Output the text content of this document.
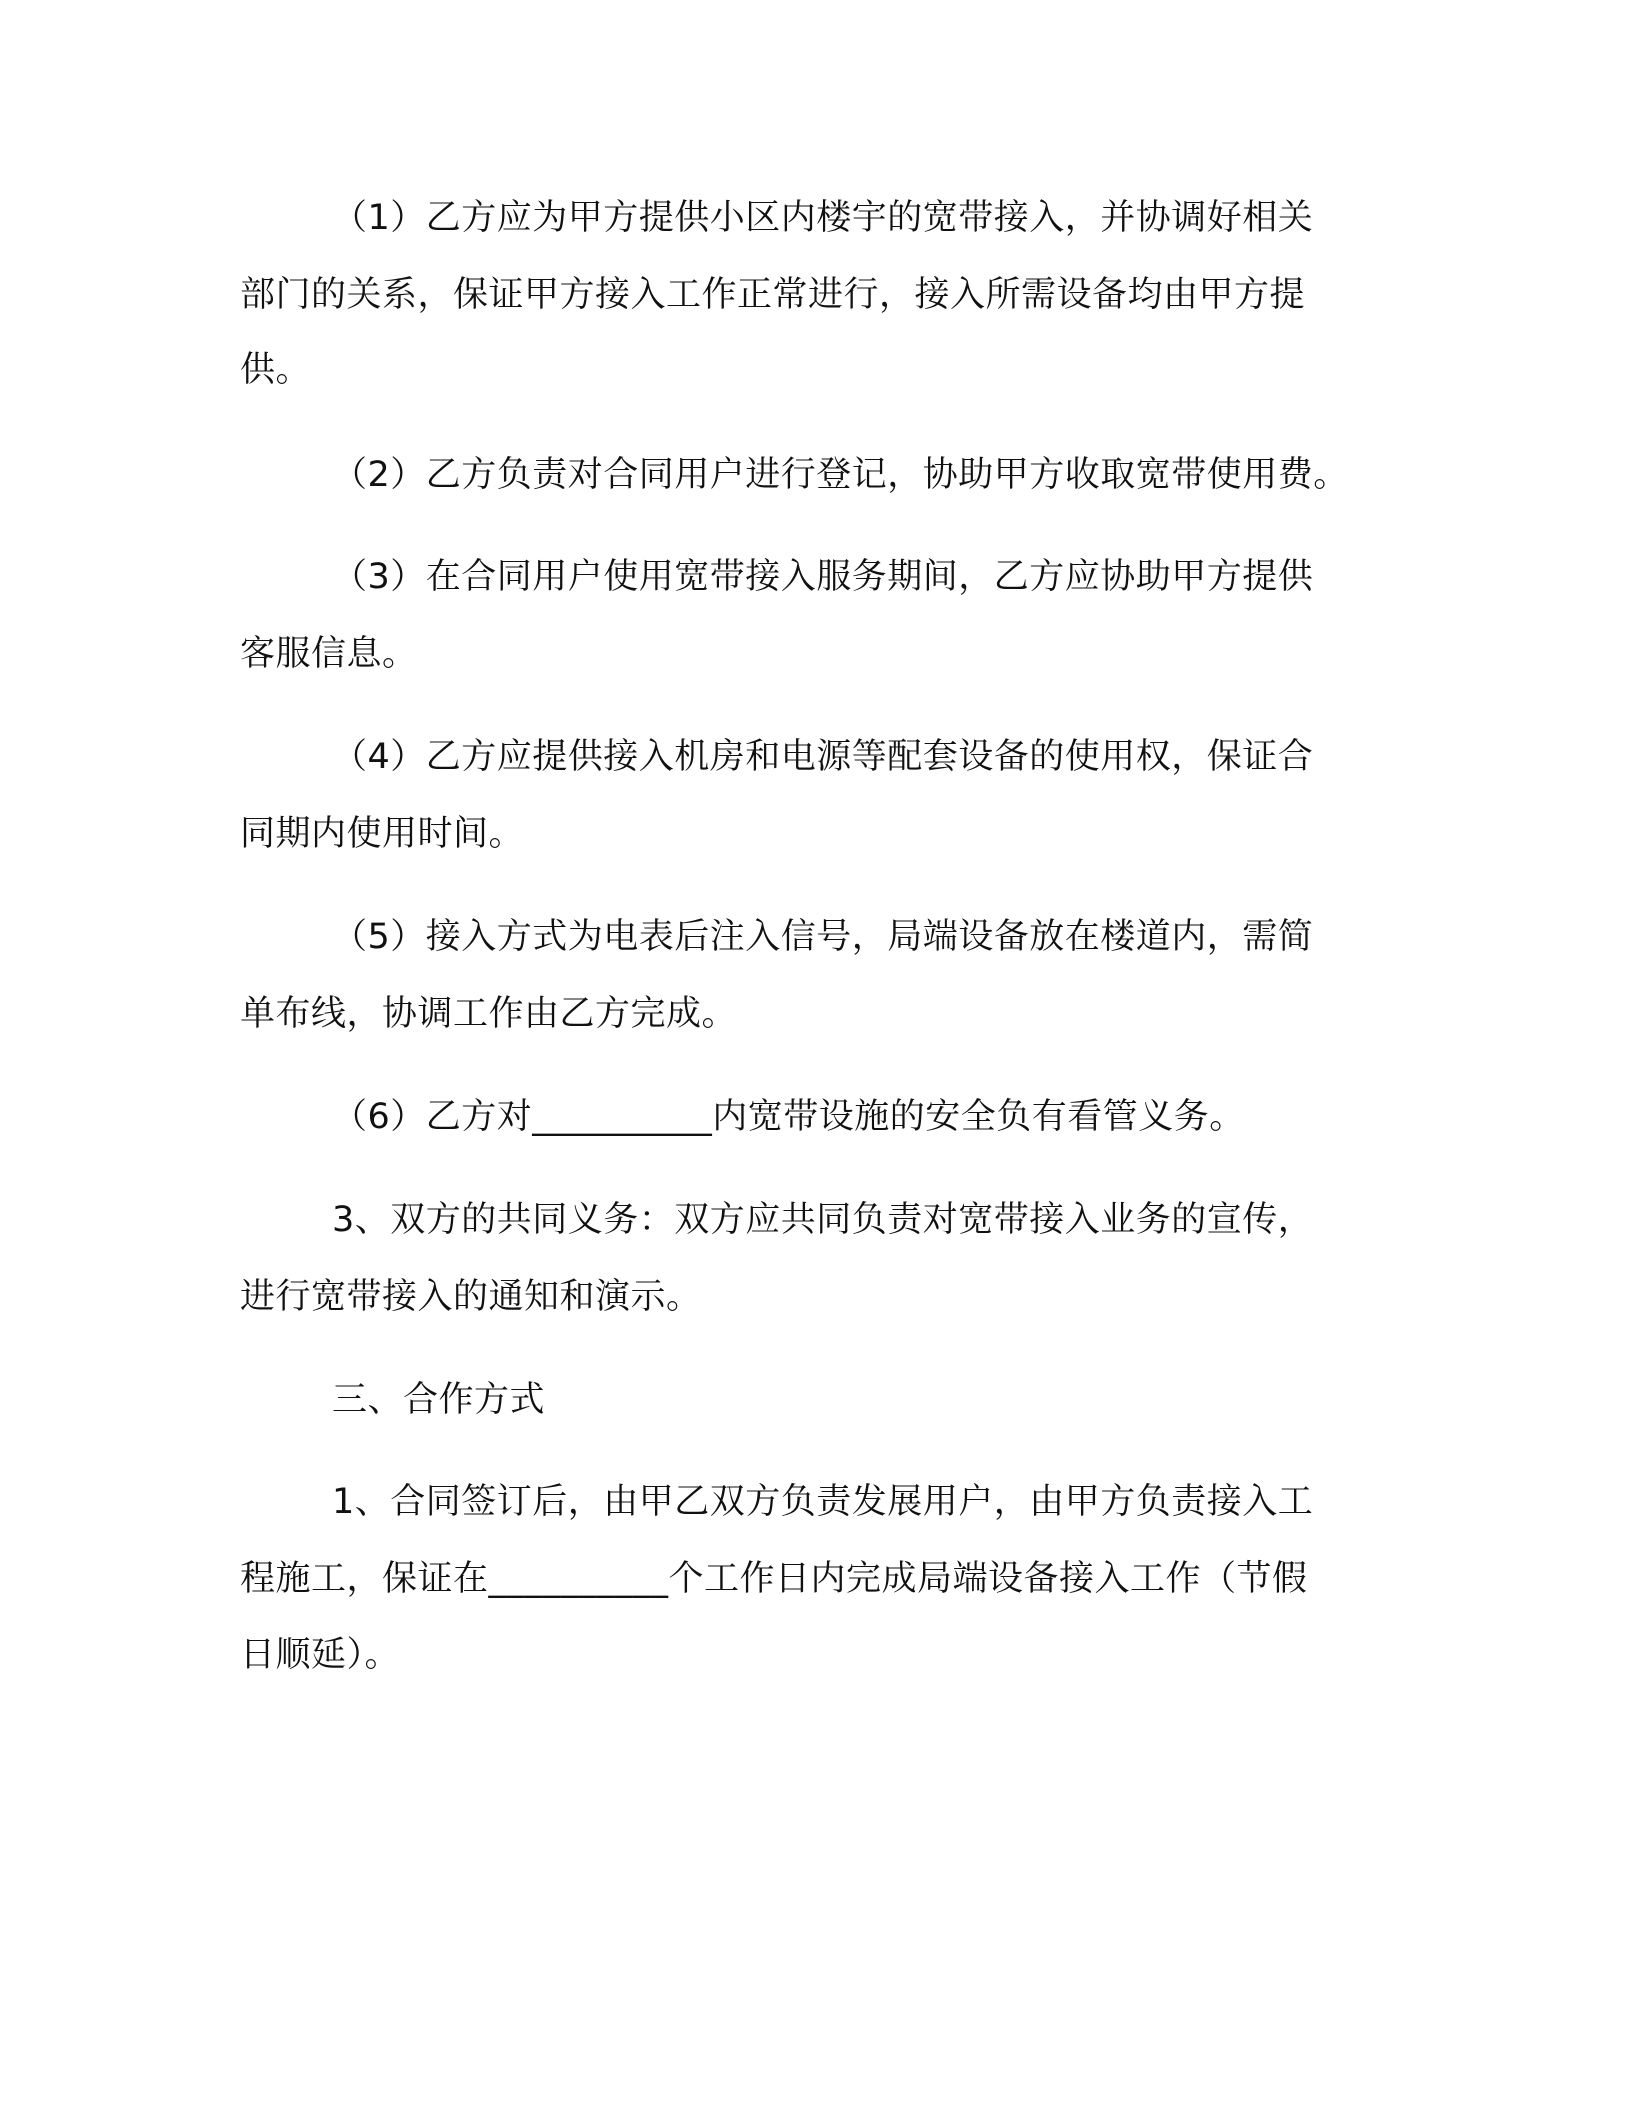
（1）乙方应为甲方提供小区内楼宇的宽带接入，并协调好相关

部门的关系，保证甲方接入工作正常进行，接入所需设备均由甲方提

供。

（2）乙方负责对合同用户进行登记，协助甲方收取宽带使用费。

（3）在合同用户使用宽带接入服务期间，乙方应协助甲方提供

客服信息。

（4）乙方应提供接入机房和电源等配套设备的使用权，保证合

同期内使用时间。

（5）接入方式为电表后注入信号，局端设备放在楼道内，需简

单布线，协调工作由乙方完成。

（6）乙方对__________内宽带设施的安全负有看管义务。

3、双方的共同义务：双方应共同负责对宽带接入业务的宣传，

进行宽带接入的通知和演示。

三、合作方式

1、合同签订后，由甲乙双方负责发展用户，由甲方负责接入工

程施工，保证在__________个工作日内完成局端设备接入工作（节假

日顺延）。
